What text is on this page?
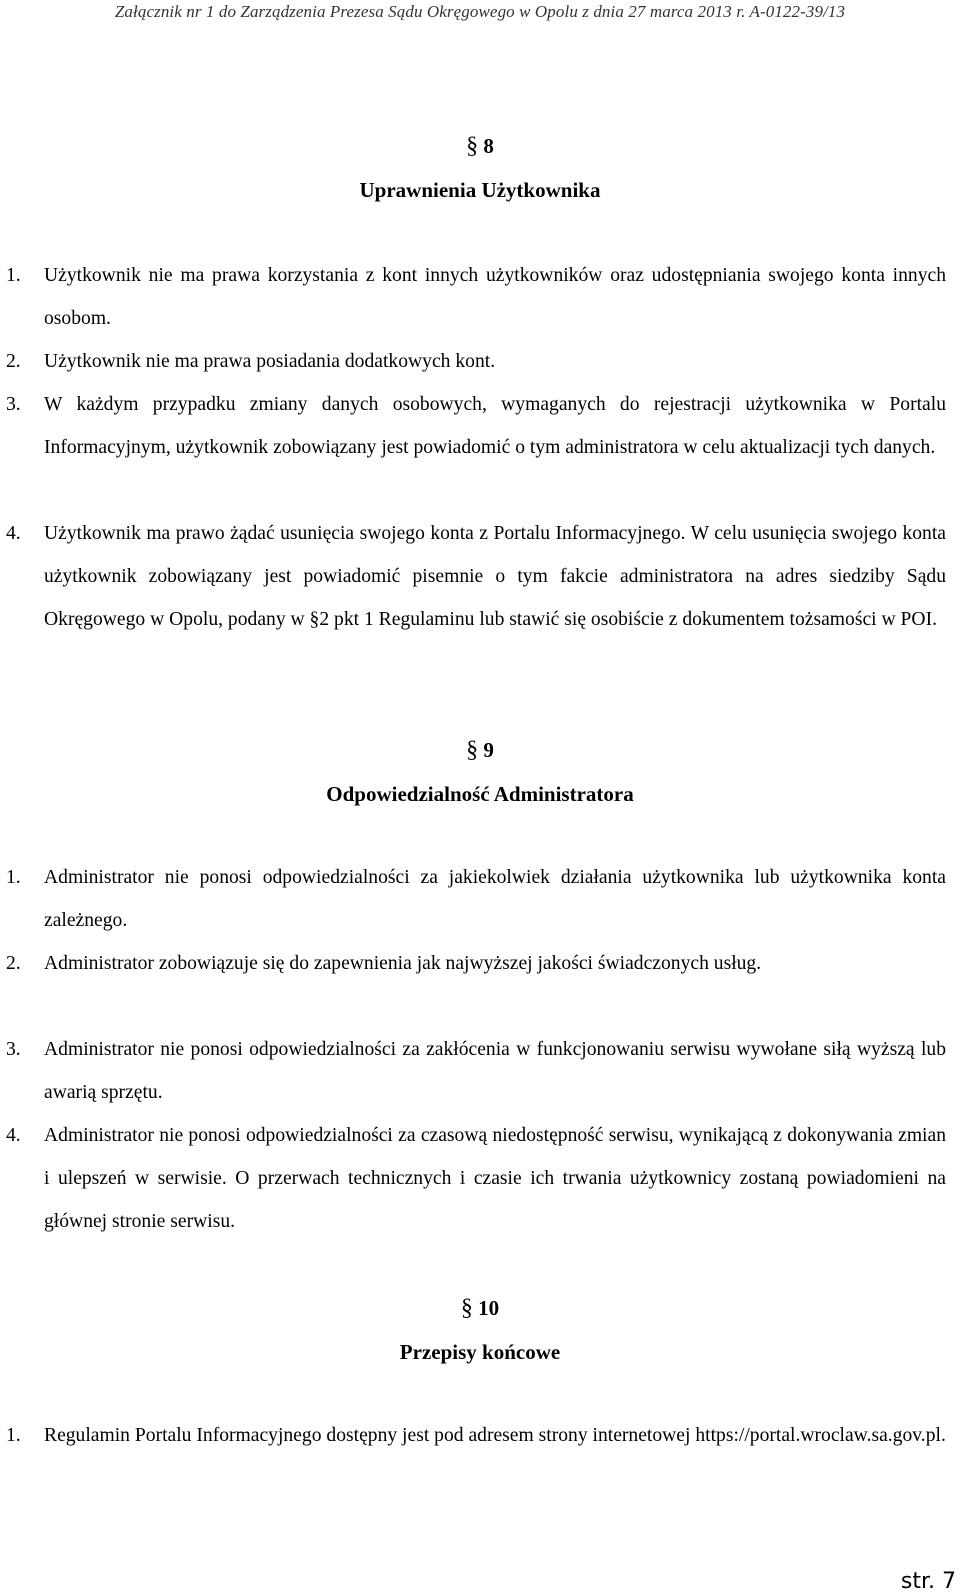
Załącznik nr 1 do Zarządzenia Prezesa Sądu Okręgowego w Opolu z dnia 27 marca 2013 r. A-0122-39/13
§ 8
Uprawnienia Użytkownika
1.	Użytkownik nie ma prawa korzystania z kont innych użytkowników oraz udostępniania swojego konta innych osobom.
2.	Użytkownik nie ma prawa posiadania dodatkowych kont.
3.	W każdym przypadku zmiany danych osobowych, wymaganych do rejestracji użytkownika w Portalu Informacyjnym, użytkownik zobowiązany jest powiadomić o tym administratora w celu aktualizacji tych danych.
4.	Użytkownik ma prawo żądać usunięcia swojego konta z Portalu Informacyjnego. W celu usunięcia swojego konta użytkownik zobowiązany jest powiadomić pisemnie o tym fakcie administratora na adres siedziby Sądu Okręgowego w Opolu, podany w §2 pkt 1 Regulaminu lub stawić się osobiście z dokumentem tożsamości w POI.
§ 9
Odpowiedzialność Administratora
1.	Administrator nie ponosi odpowiedzialności za jakiekolwiek działania użytkownika lub użytkownika konta zależnego.
2.	Administrator zobowiązuje się do zapewnienia jak najwyższej jakości świadczonych usług.
3.	Administrator nie ponosi odpowiedzialności za zakłócenia w funkcjonowaniu serwisu wywołane siłą wyższą lub awarią sprzętu.
4.	Administrator nie ponosi odpowiedzialności za czasową niedostępność serwisu, wynikającą z dokonywania zmian i ulepszeń w serwisie. O przerwach technicznych i czasie ich trwania użytkownicy zostaną powiadomieni na głównej stronie serwisu.
§ 10
Przepisy końcowe
1.	Regulamin Portalu Informacyjnego dostępny jest pod adresem strony internetowej https://portal.wroclaw.sa.gov.pl.
str. 7
